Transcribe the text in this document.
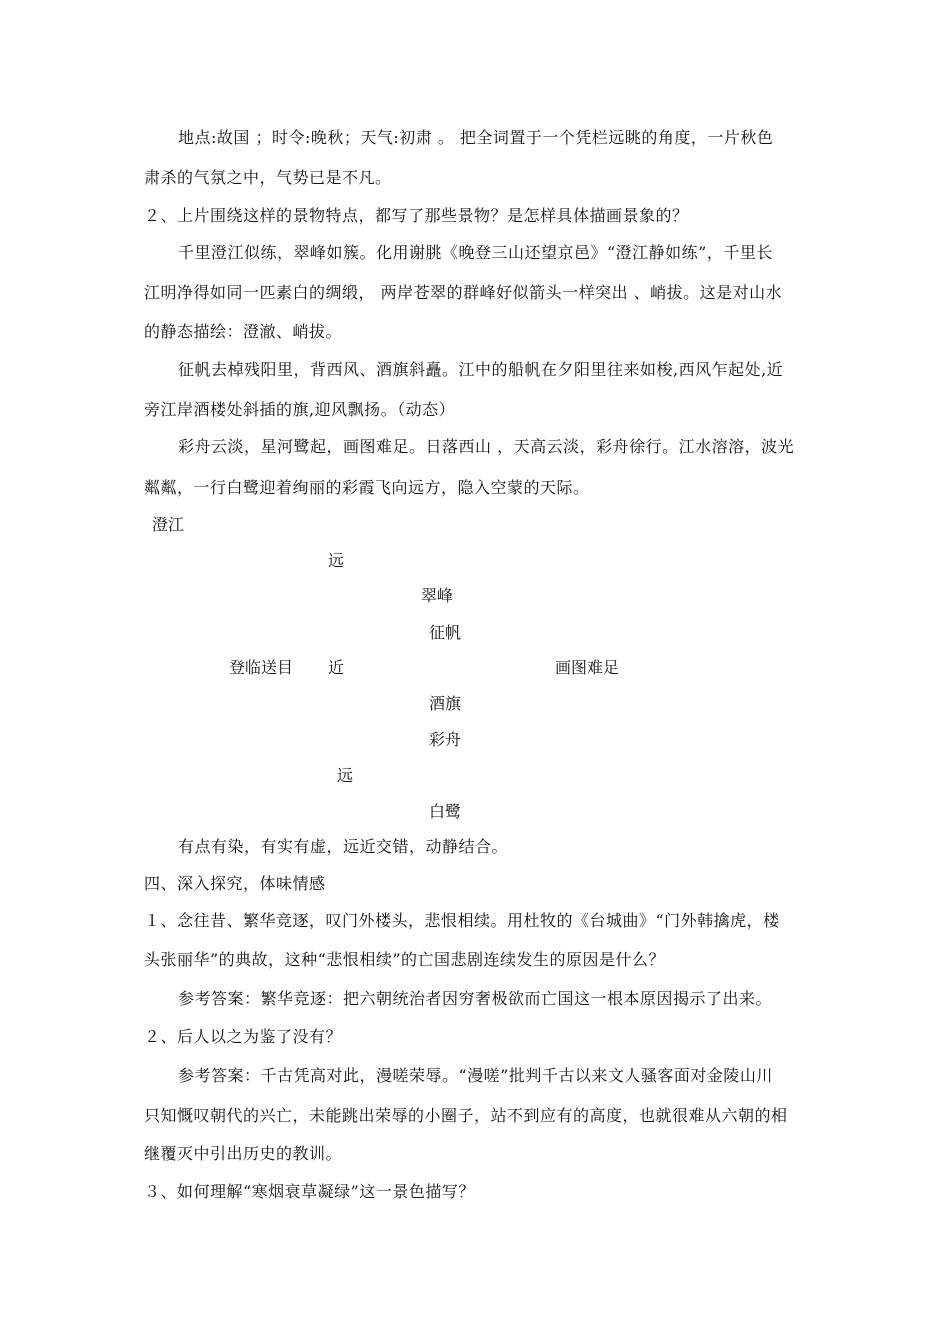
地点:故国 ；时令:晚秋；天气:初肃 。 把全词置于一个凭栏远眺的角度，一片秋色
肃杀的气氛之中，气势已是不凡。
２、上片围绕这样的景物特点，都写了那些景物？是怎样具体描画景象的？
千里澄江似练，翠峰如簇。化用谢朓《晚登三山还望京邑》“澄江静如练”，千里长
江明净得如同一匹素白的绸缎， 两岸苍翠的群峰好似箭头一样突出 、峭拔。这是对山水
的静态描绘：澄澈、峭拔。
征帆去棹残阳里，背西风、酒旗斜矗。江中的船帆在夕阳里往来如梭,西风乍起处,近
旁江岸酒楼处斜插的旗,迎风飘扬。（动态）
彩舟云淡，星河鹭起，画图难足。日落西山 ，天高云淡，彩舟徐行。江水溶溶，波光
粼粼，一行白鹭迎着绚丽的彩霞飞向远方，隐入空蒙的天际。
澄江
远
翠峰
征帆
登临送目 近	画图难足
酒旗
彩舟
远
白鹭
有点有染，有实有虚，远近交错，动静结合。
四、深入探究，体味情感
１、念往昔、繁华竞逐，叹门外楼头，悲恨相续。用杜牧的《台城曲》“门外韩擒虎，楼
头张丽华”的典故，这种“悲恨相续”的亡国悲剧连续发生的原因是什么？
参考答案：繁华竞逐：把六朝统治者因穷奢极欲而亡国这一根本原因揭示了出来。
２、后人以之为鉴了没有？
参考答案：千古凭高对此，漫嗟荣辱。“漫嗟”批判千古以来文人骚客面对金陵山川
只知慨叹朝代的兴亡，未能跳出荣辱的小圈子，站不到应有的高度，也就很难从六朝的相
继覆灭中引出历史的教训。
３、如何理解“寒烟衰草凝绿”这一景色描写？
